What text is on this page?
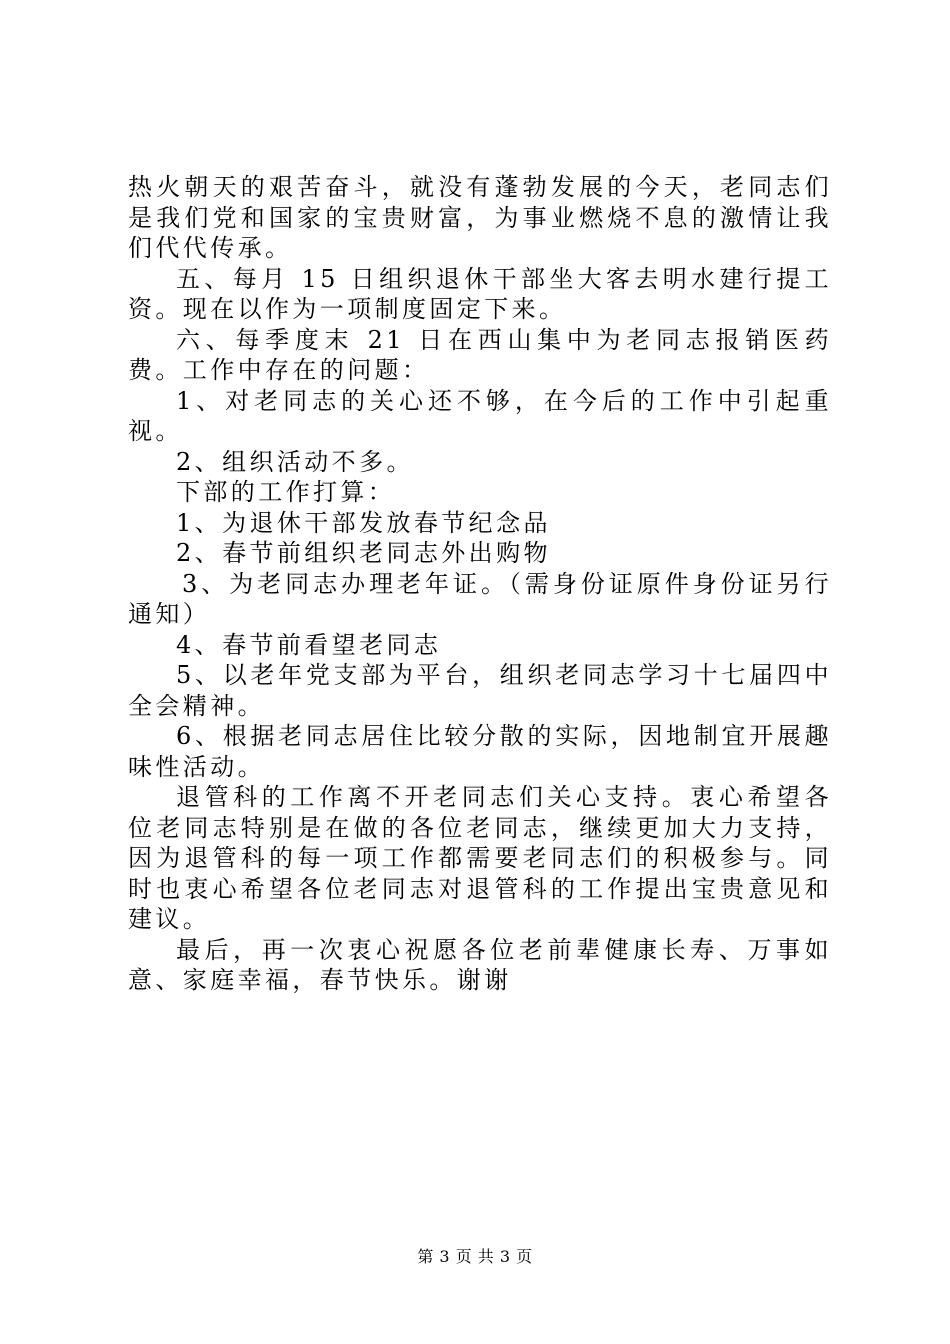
热火朝天的艰苦奋斗，就没有蓬勃发展的今天，老同志们是我们党和国家的宝贵财富，为事业燃烧不息的激情让我们代代传承。

五、每月 15 日组织退休干部坐大客去明水建行提工资。现在以作为一项制度固定下来。

六、每季度末 21 日在西山集中为老同志报销医药费。工作中存在的问题：

1、对老同志的关心还不够，在今后的工作中引起重视。

2、组织活动不多。

下部的工作打算：

1、为退休干部发放春节纪念品

2、春节前组织老同志外出购物

3、为老同志办理老年证。（需身份证原件身份证另行通知）

4、春节前看望老同志

5、以老年党支部为平台，组织老同志学习十七届四中全会精神。

6、根据老同志居住比较分散的实际，因地制宜开展趣味性活动。

退管科的工作离不开老同志们关心支持。衷心希望各位老同志特别是在做的各位老同志，继续更加大力支持，因为退管科的每一项工作都需要老同志们的积极参与。同时也衷心希望各位老同志对退管科的工作提出宝贵意见和建议。

最后，再一次衷心祝愿各位老前辈健康长寿、万事如意、家庭幸福，春节快乐。谢谢

第 3 页 共 3 页
